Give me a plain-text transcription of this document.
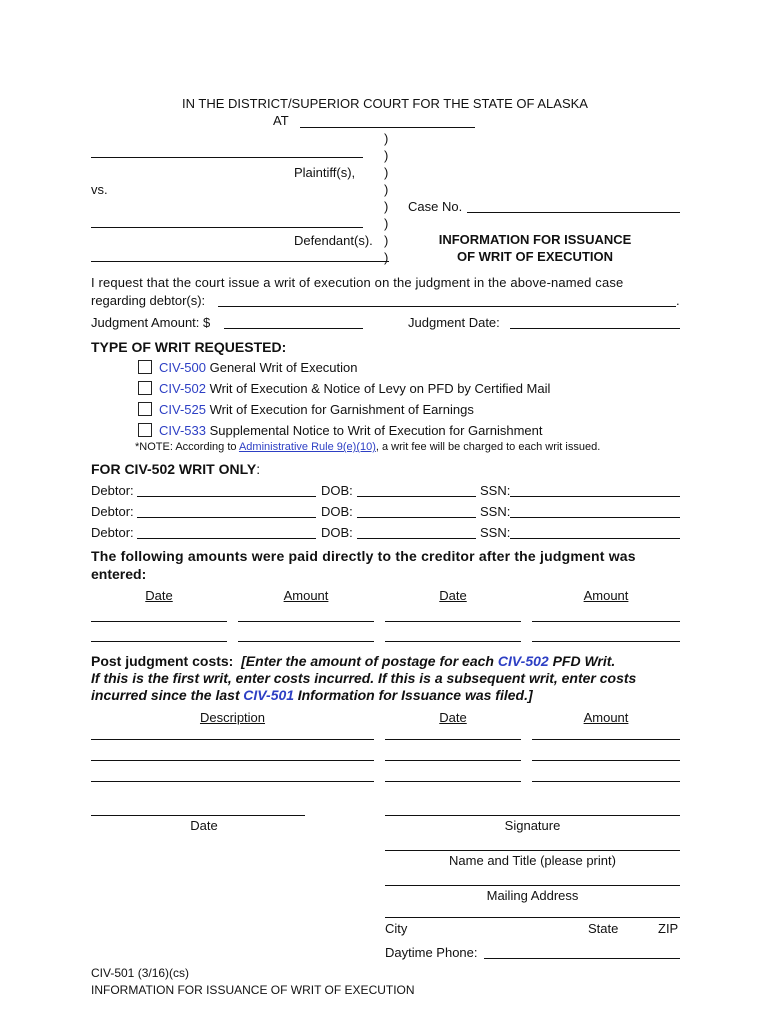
IN THE DISTRICT/SUPERIOR COURT FOR THE STATE OF ALASKA
AT
)
)
)
)
)
)
)
)
Plaintiff(s),
vs.
Case No.
Defendant(s).	INFORMATION FOR ISSUANCE
OF WRIT OF EXECUTION
I request that the court issue a writ of execution on the judgment in the above-named case
regarding debtor(s):	.
Judgment Amount: $	Judgment Date:
TYPE OF WRIT REQUESTED:
CIV-500 General Writ of Execution
CIV-502 Writ of Execution & Notice of Levy on PFD by Certified Mail
CIV-525 Writ of Execution for Garnishment of Earnings
CIV-533 Supplemental Notice to Writ of Execution for Garnishment
*NOTE: According to Administrative Rule 9(e)(10), a writ fee will be charged to each writ issued.
FOR CIV-502 WRIT ONLY:
Debtor:	DOB:	SSN:
Debtor:	DOB:	SSN:
Debtor:	DOB:	SSN:
The following amounts were paid directly to the creditor after the judgment was
entered:
Date	Amount	Date	Amount
Post judgment costs: [Enter the amount of postage for each CIV-502 PFD Writ.
If this is the first writ, enter costs incurred. If this is a subsequent writ, enter costs
incurred since the last CIV-501 Information for Issuance was filed.]
Description	Date	Amount
Date	Signature
Name and Title (please print)
Mailing Address
City	State	ZIP
Daytime Phone:
CIV-501 (3/16)(cs)
INFORMATION FOR ISSUANCE OF WRIT OF EXECUTION
